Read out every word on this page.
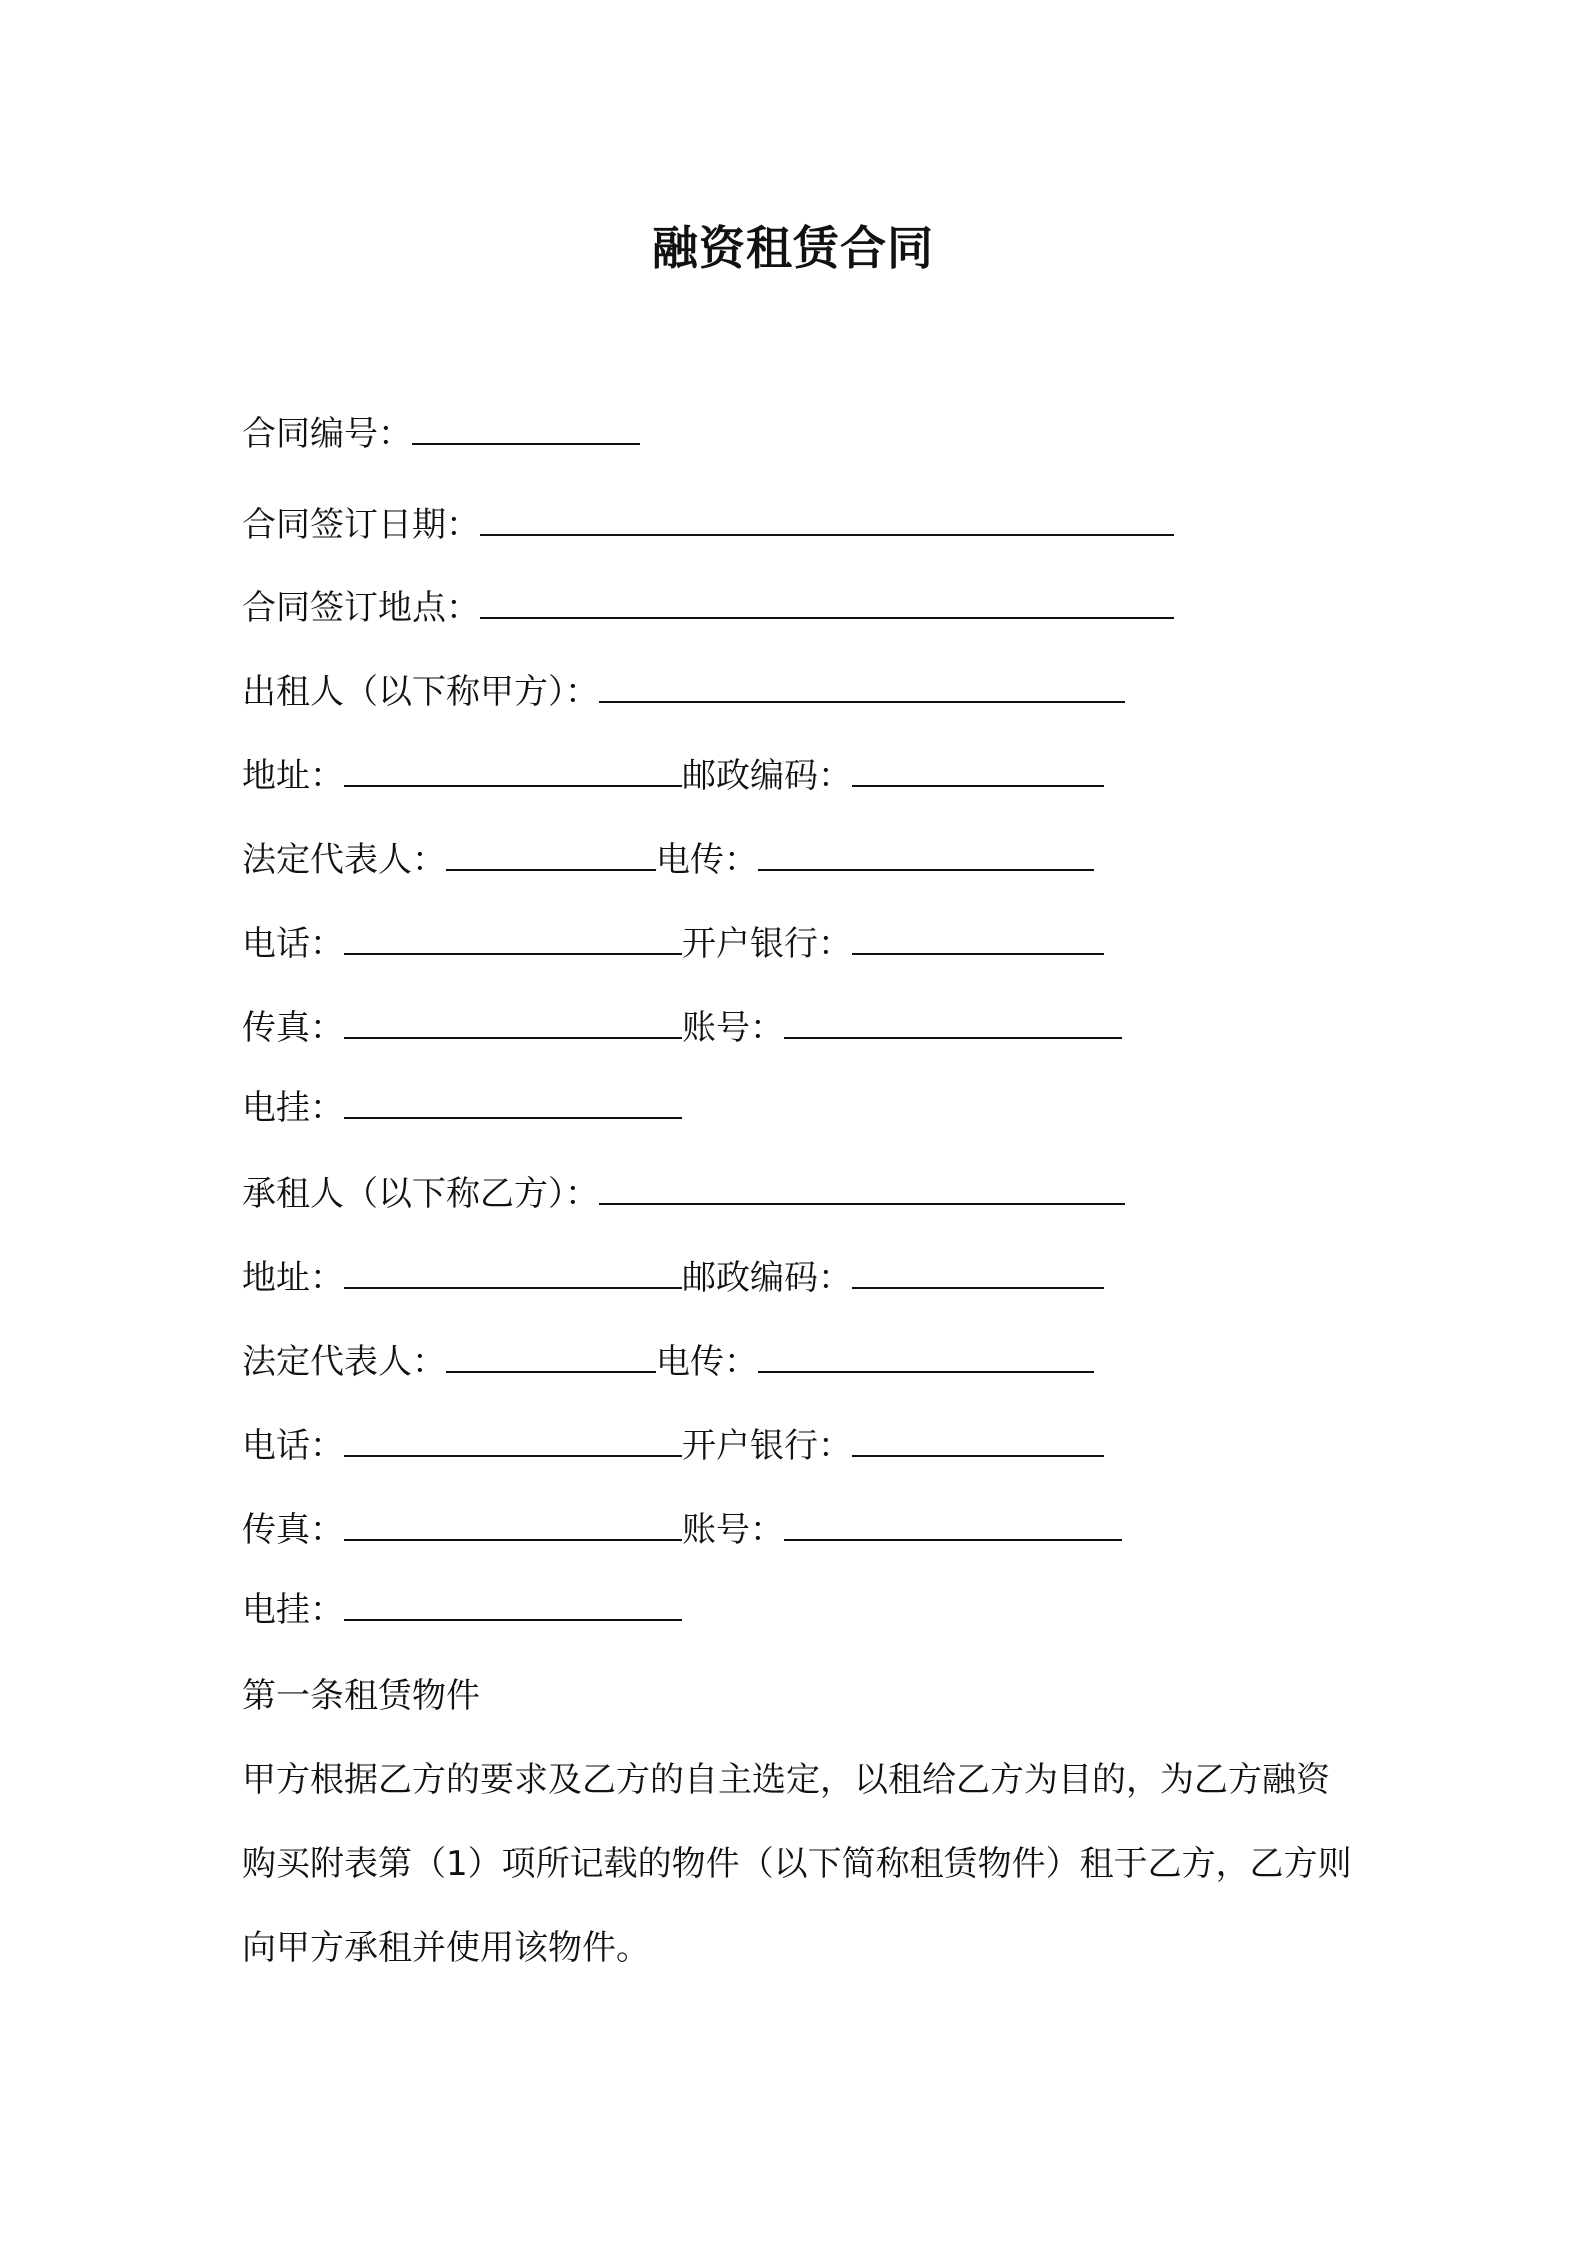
融资租赁合同
合同编号：
合同签订日期：
合同签订地点：
出租人（以下称甲方）：
地址：	邮政编码：
法定代表人：	电传：
电话：	开户银行：
传真：	账号：
电挂：
承租人（以下称乙方）：
地址：	邮政编码：
法定代表人：	电传：
电话：	开户银行：
传真：	账号：
电挂：
第一条租赁物件
甲方根据乙方的要求及乙方的自主选定，以租给乙方为目的，为乙方融资购买附表第（1）项所记载的物件（以下简称租赁物件）租于乙方，乙方则向甲方承租并使用该物件。
